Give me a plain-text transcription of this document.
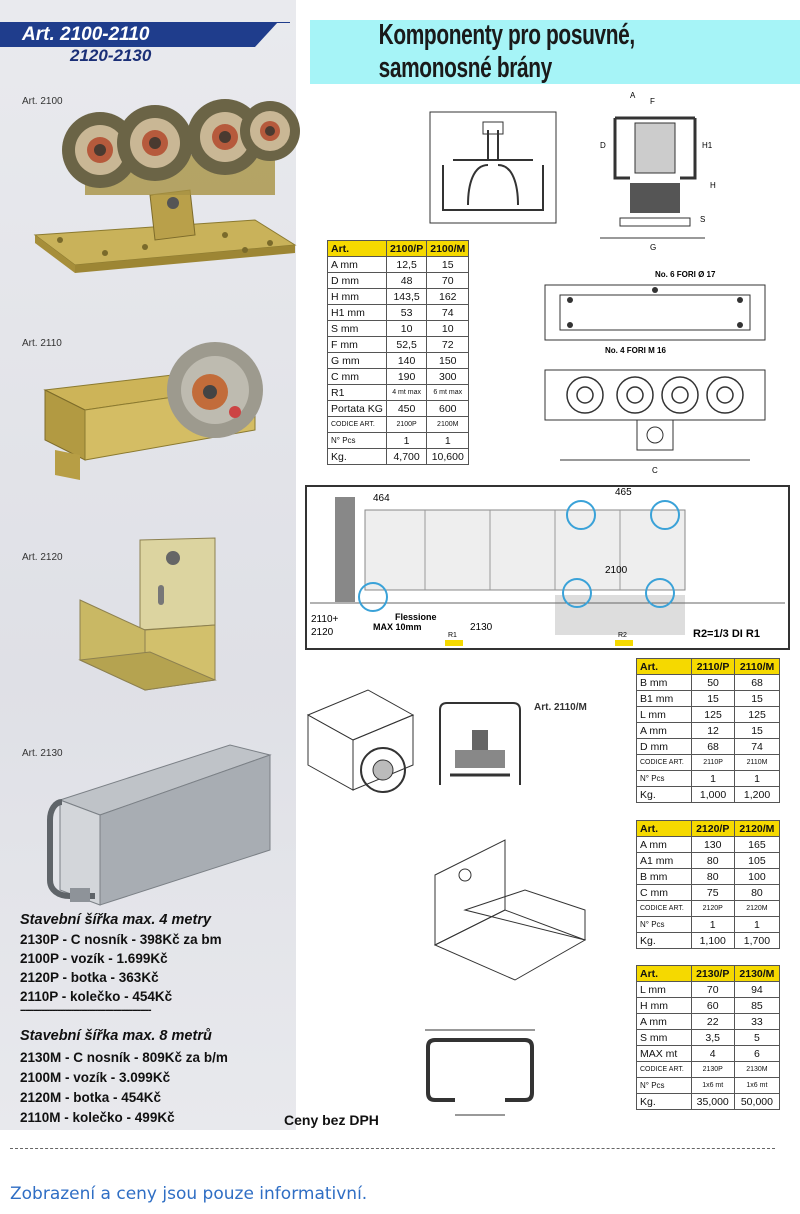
Art. 2100-2110
2120-2130
Komponenty pro posuvné, samonosné brány
Art. 2100
Art. 2110
Art. 2120
Art. 2130
A
F
D	H1
H
S
G
No. 6 FORI Ø 17
No. 4 FORI M 16
C
Art.	2100/P	2100/M
A mm	12,5	15
D mm	48	70
H mm	143,5	162
H1 mm	53	74
S mm	10	10
F mm	52,5	72
G mm	140	150
C mm	190	300
R1	4 mt max	6 mt max
Portata KG	450	600
CODICE ART.	2100P	2100M
N° Pcs	1	1
Kg.	4,700	10,600
464
465
2100
2110+
2120	2130
Flessione
MAX 10mm
R1	R2	R2=1/3 DI R1
Art. 2110/M
Art.	2110/P	2110/M
B mm	50	68
B1 mm	15	15
L mm	125	125
A mm	12	15
D mm	68	74
CODICE ART.	2110P	2110M
N° Pcs	1	1
Kg.	1,000	1,200
Art.	2120/P	2120/M
A mm	130	165
A1 mm	80	105
B mm	80	100
C mm	75	80
CODICE ART.	2120P	2120M
N° Pcs	1	1
Kg.	1,100	1,700
Art.	2130/P	2130/M
L mm	70	94
H mm	60	85
A mm	22	33
S mm	3,5	5
MAX mt	4	6
CODICE ART.	2130P	2130M
N° Pcs	1x6 mt	1x6 mt
Kg.	35,000	50,000
Stavební šířka max. 4 metry
2130P - C nosník - 398Kč za bm
2100P - vozík - 1.699Kč
2120P - botka - 363Kč
2110P - kolečko - 454Kč
-------------------------------------------------
Stavební šířka max. 8 metrů
2130M - C nosník - 809Kč za b/m
2100M - vozík - 3.099Kč
2120M - botka - 454Kč
2110M - kolečko - 499Kč	Ceny bez DPH
Zobrazení a ceny jsou pouze informativní.
